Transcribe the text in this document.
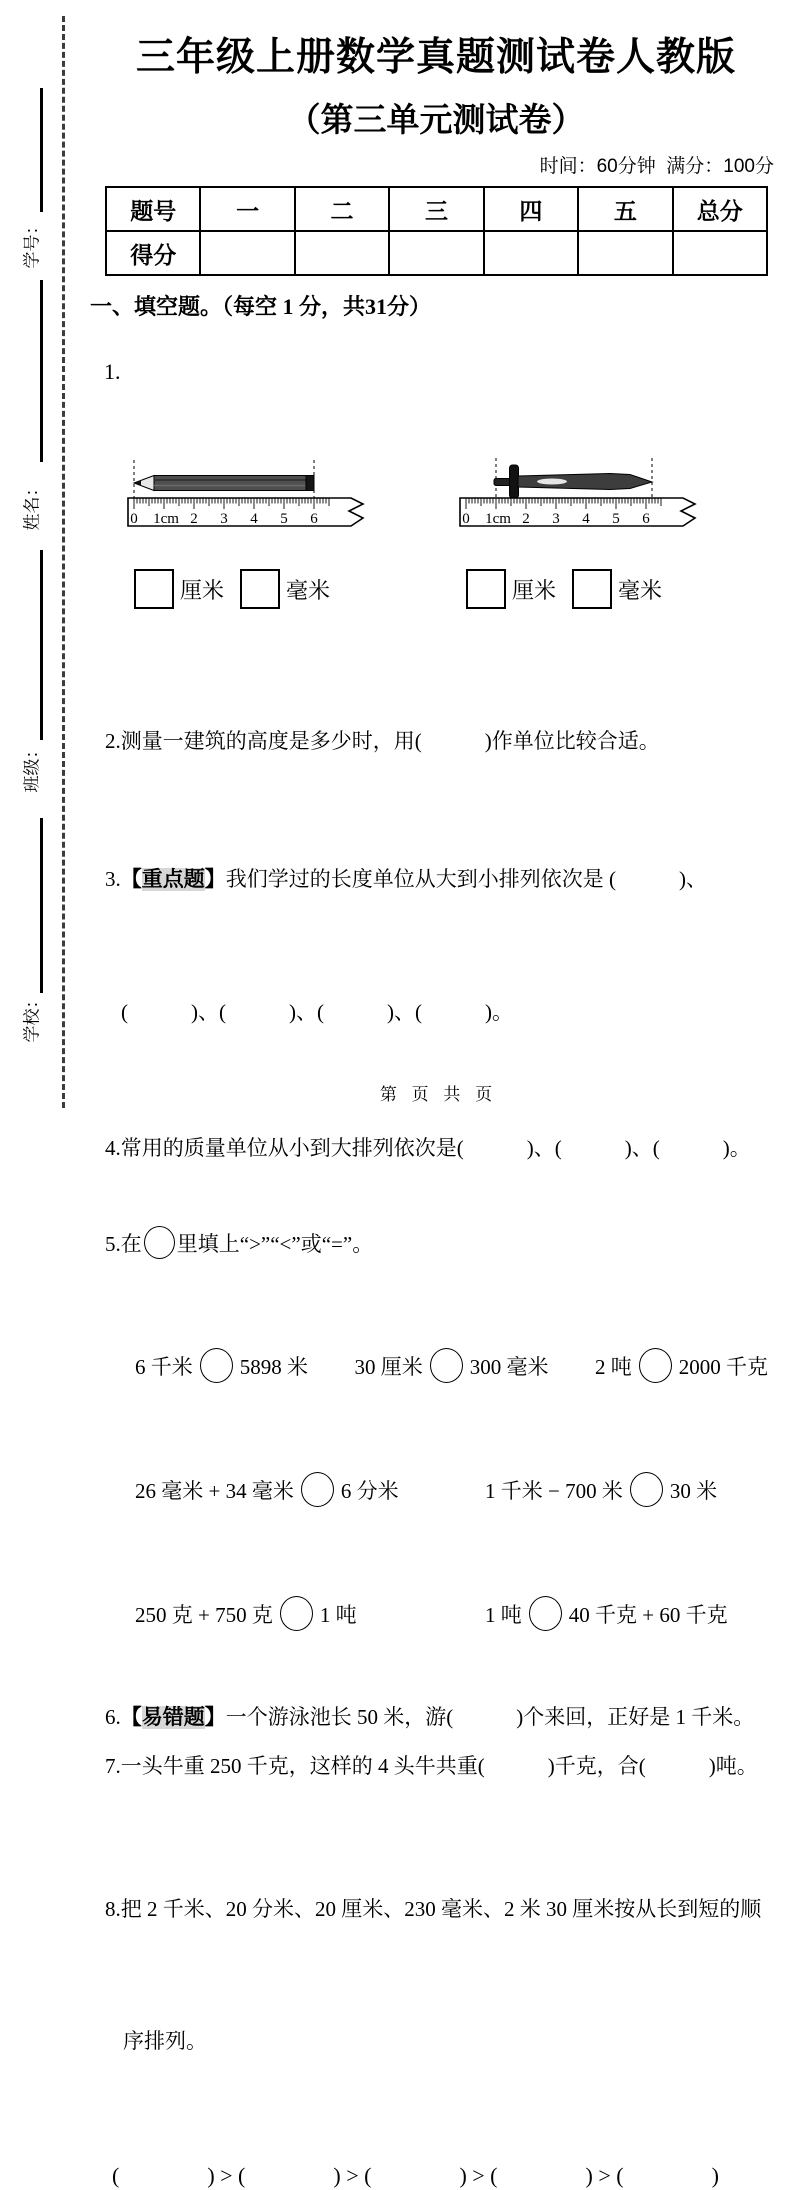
学号：
姓名：
班级：
学校：
三年级上册数学真题测试卷人教版
（第三单元测试卷）
时间：60分钟  满分：100分
题号	一	二	三	四	五	总分
得分						
一、填空题。（每空 1 分，共31分）

1.

0 1cm 2 3 4 5 6

厘米	毫米

0 1cm 2 3 4 5 6

厘米	毫米

2.测量一建筑的高度是多少时，用(　　　)作单位比较合适。

3.【重点题】我们学过的长度单位从大到小排列依次是 (　　　)、

(　　　)、(　　　)、(　　　)、(　　　)。

4.常用的质量单位从小到大排列依次是(　　　)、(　　　)、(　　　)。

5.在 里填上“>”“<”或“=”。

6 千米 5898 米 30 厘米 300 毫米 2 吨 2000 千克

26 毫米 + 34 毫米 6 分米	1 千米 − 700 米 30 米

250 克 + 750 克 1 吨	1 吨 40 千克 + 60 千克

6.【易错题】一个游泳池长 50 米，游(　　　)个来回，正好是 1 千米。
7.一头牛重 250 千克，这样的 4 头牛共重(　　　)千克，合(　　　)吨。

8.把 2 千米、20 分米、20 厘米、230 毫米、2 米 30 厘米按从长到短的顺

序排列。

(　　　　) > (　　　　) > (　　　　) > (　　　　) > (　　　　)
第 页 共 页
